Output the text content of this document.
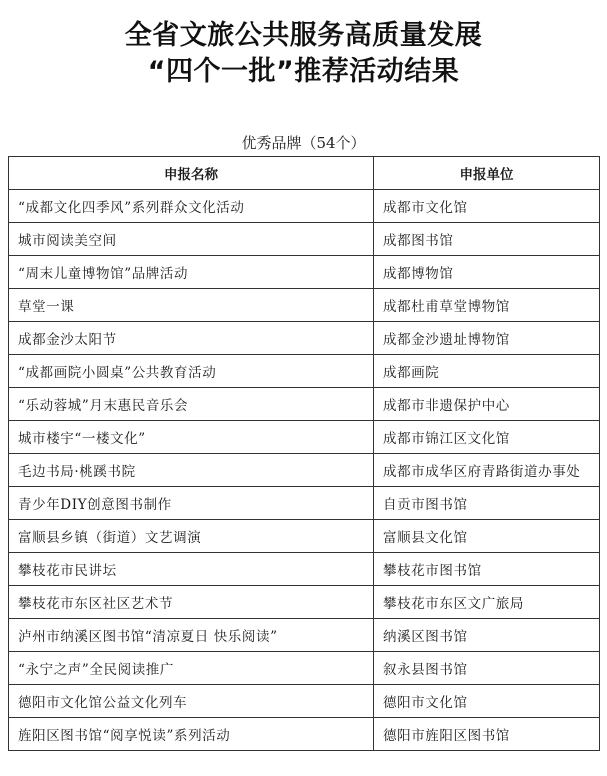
全省文旅公共服务高质量发展
“四个一批”推荐活动结果
优秀品牌（54个）
申报名称	申报单位
“成都文化四季风”系列群众文化活动	成都市文化馆
城市阅读美空间	成都图书馆
“周末儿童博物馆”品牌活动	成都博物馆
草堂一课	成都杜甫草堂博物馆
成都金沙太阳节	成都金沙遗址博物馆
“成都画院小圆桌”公共教育活动	成都画院
“乐动蓉城”月末惠民音乐会	成都市非遗保护中心
城市楼宇“一楼文化”	成都市锦江区文化馆
毛边书局·桃蹊书院	成都市成华区府青路街道办事处
青少年DIY创意图书制作	自贡市图书馆
富顺县乡镇（街道）文艺调演	富顺县文化馆
攀枝花市民讲坛	攀枝花市图书馆
攀枝花市东区社区艺术节	攀枝花市东区文广旅局
泸州市纳溪区图书馆“清凉夏日 快乐阅读”	纳溪区图书馆
“永宁之声”全民阅读推广	叙永县图书馆
德阳市文化馆公益文化列车	德阳市文化馆
旌阳区图书馆“阅享悦读”系列活动	德阳市旌阳区图书馆
